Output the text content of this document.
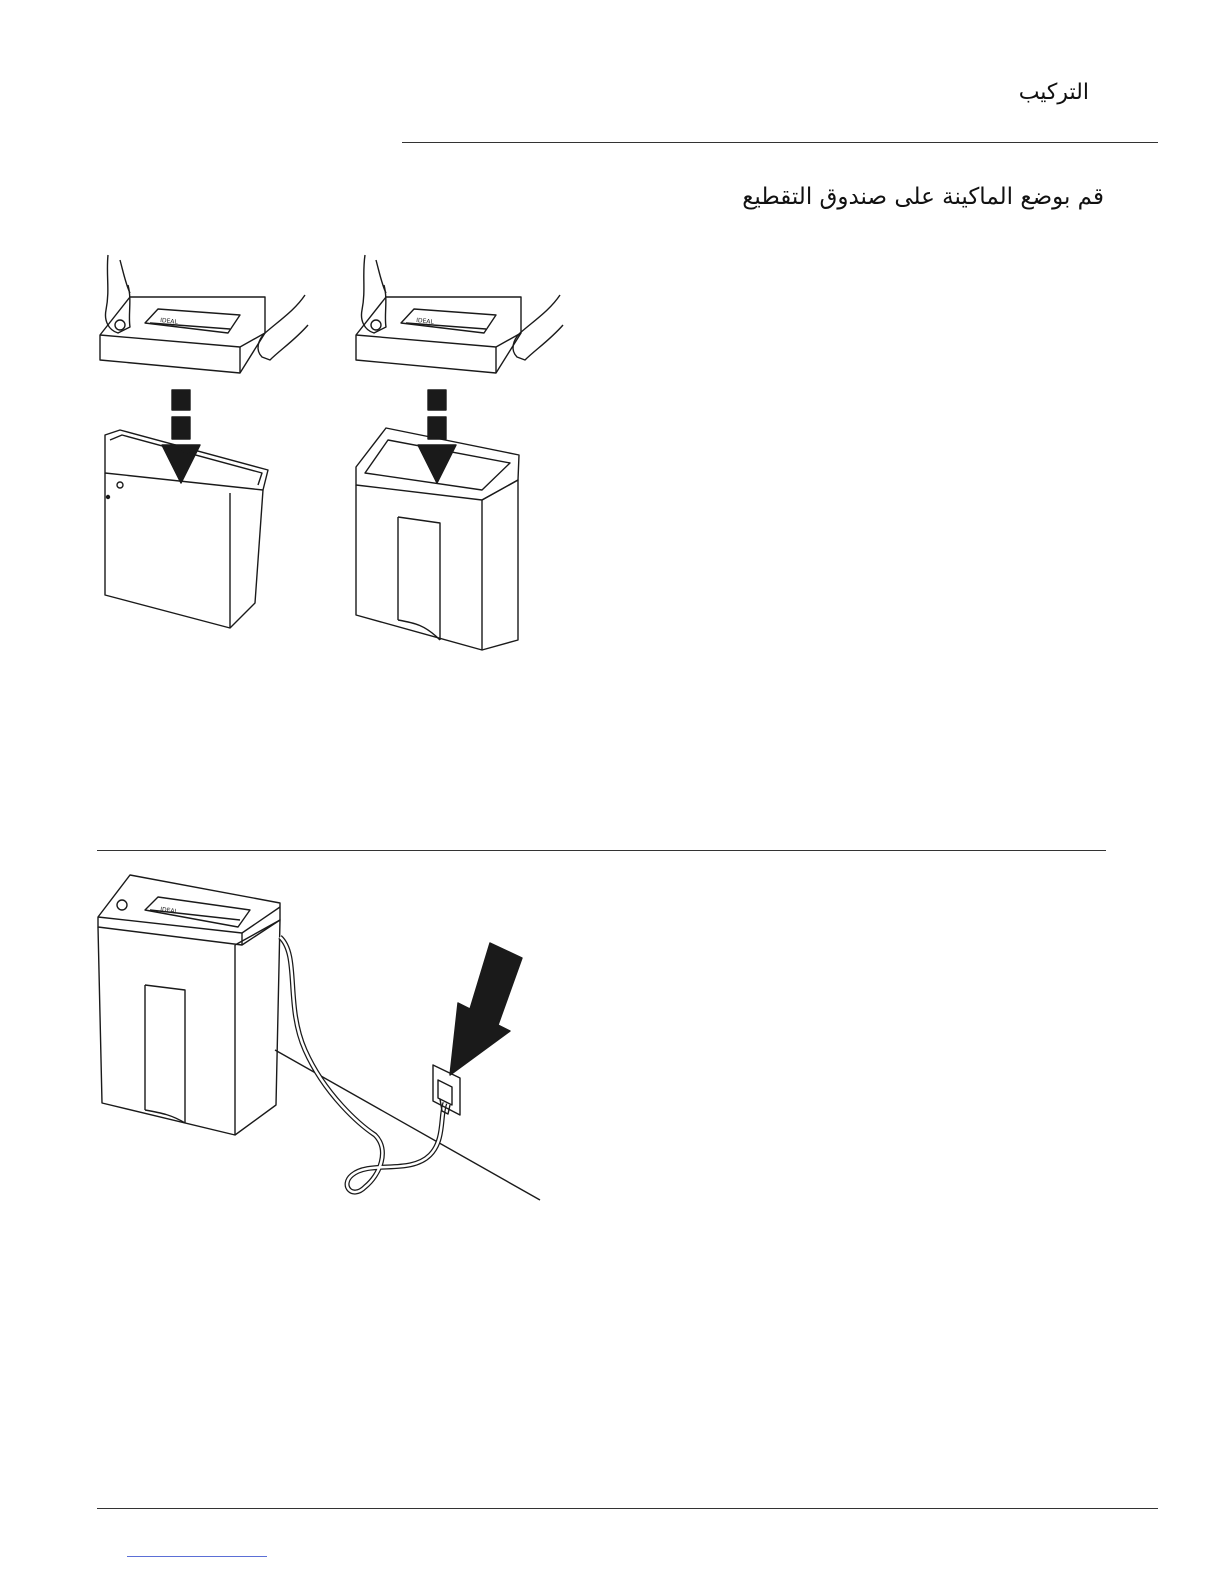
التركيب
قم بوضع الماكينة على صندوق التقطيع
IDEAL	IDEAL
IDEAL
